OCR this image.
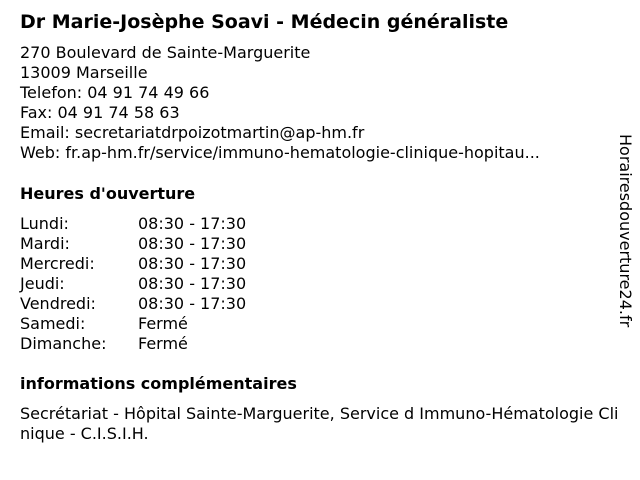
Dr Marie-Josèphe Soavi - Médecin généraliste
270 Boulevard de Sainte-Marguerite
13009 Marseille
Telefon: 04 91 74 49 66
Fax: 04 91 74 58 63
Email: secretariatdrpoizotmartin@ap-hm.fr
Web: fr.ap-hm.fr/service/immuno-hematologie-clinique-hopitau...
Heures d'ouverture
Lundi:	08:30 - 17:30
Mardi:	08:30 - 17:30
Mercredi:	08:30 - 17:30
Jeudi:	08:30 - 17:30
Vendredi:	08:30 - 17:30
Samedi:	Fermé
Dimanche: Fermé
informations complémentaires
Secrétariat - Hôpital Sainte-Marguerite, Service d Immuno-Hématologie Clinique - C.I.S.I.H.
Horairesdouverture24.fr
